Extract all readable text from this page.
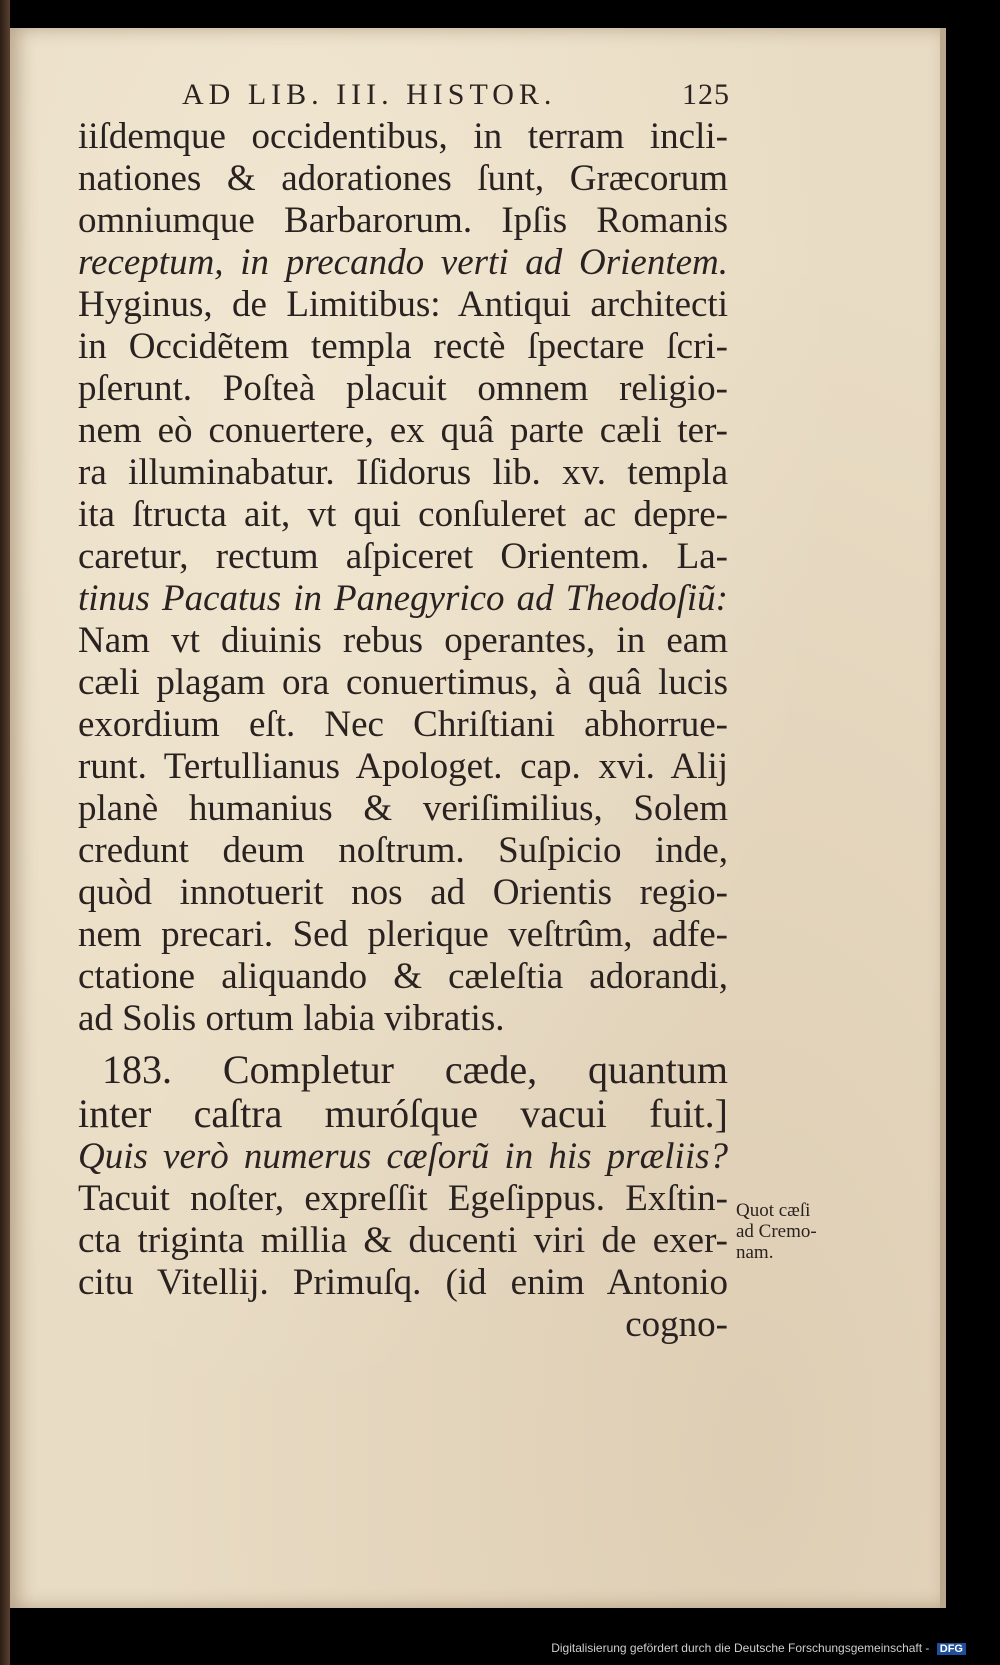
AD LIB. III. HISTOR.	125
iiſdemque occidentibus, in terram incli-
nationes & adorationes ſunt, Græcorum
omniumque Barbarorum. Ipſis Romanis
receptum, in precando verti ad Orientem.
Hyginus, de Limitibus: Antiqui architecti
in Occidẽtem templa rectè ſpectare ſcri-
pſerunt. Poſteà placuit omnem religio-
nem eò conuertere, ex quâ parte cæli ter-
ra illuminabatur. Iſidorus lib. xv. templa
ita ſtructa ait, vt qui conſuleret ac depre-
caretur, rectum aſpiceret Orientem. La-
tinus Pacatus in Panegyrico ad Theodoſiũ:
Nam vt diuinis rebus operantes, in eam
cæli plagam ora conuertimus, à quâ lucis
exordium eſt. Nec Chriſtiani abhorrue-
runt. Tertullianus Apologet. cap. xvi. Alij
planè humanius & veriſimilius, Solem
credunt deum noſtrum. Suſpicio inde,
quòd innotuerit nos ad Orientis regio-
nem precari. Sed plerique veſtrûm, adfe-
ctatione aliquando & cæleſtia adorandi,
ad Solis ortum labia vibratis.
183. Completur cæde, quantum
inter caſtra muróſque vacui fuit.]
Quis verò numerus cæſorũ in his præliis?
Tacuit noſter, expreſſit Egeſippus. Exſtin-
cta triginta millia & ducenti viri de exer-
citu Vitellij. Primuſq. (id enim Antonio
cogno-
Quot cæſi
ad Cremo-
nam.
Digitalisierung gefördert durch die Deutsche Forschungsgemeinschaft - DFG
